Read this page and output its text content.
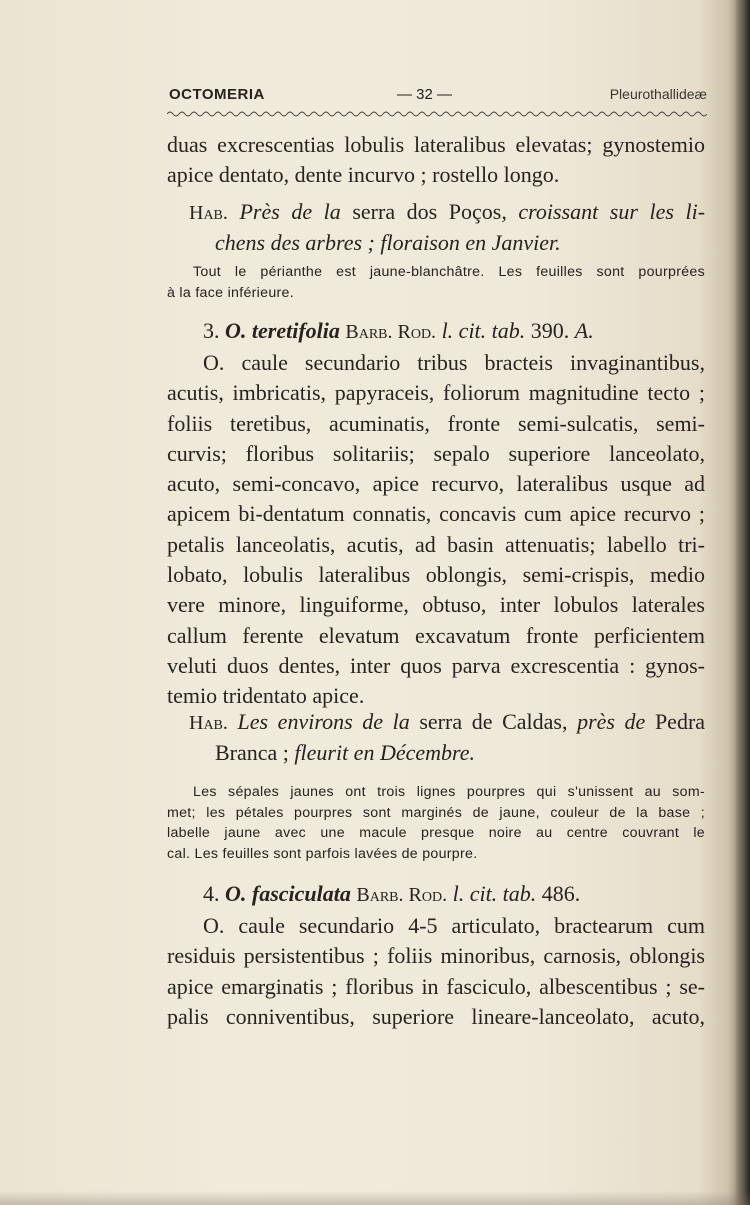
OCTOMERIA	— 32 —	Pleurothallideæ
duas excrescentias lobulis lateralibus elevatas; gynostemio
apice dentato, dente incurvo ; rostello longo.
Hab. Près de la serra dos Poços, croissant sur les li-
chens des arbres ; floraison en Janvier.
Tout le périanthe est jaune-blanchâtre. Les feuilles sont pourprées
à la face inférieure.
3. O. teretifolia Barb. Rod. l. cit. tab. 390. A.
O. caule secundario tribus bracteis invaginantibus,
acutis, imbricatis, papyraceis, foliorum magnitudine tecto ;
foliis teretibus, acuminatis, fronte semi-sulcatis, semi-
curvis; floribus solitariis; sepalo superiore lanceolato,
acuto, semi-concavo, apice recurvo, lateralibus usque ad
apicem bi-dentatum connatis, concavis cum apice recurvo ;
petalis lanceolatis, acutis, ad basin attenuatis; labello tri-
lobato, lobulis lateralibus oblongis, semi-crispis, medio
vere minore, linguiforme, obtuso, inter lobulos laterales
callum ferente elevatum excavatum fronte perficientem
veluti duos dentes, inter quos parva excrescentia : gynos-
temio tridentato apice.
Hab. Les environs de la serra de Caldas, près de Pedra
Branca ; fleurit en Décembre.
Les sépales jaunes ont trois lignes pourpres qui s'unissent au som-
met; les pétales pourpres sont marginés de jaune, couleur de la base ;
labelle jaune avec une macule presque noire au centre couvrant le
cal. Les feuilles sont parfois lavées de pourpre.
4. O. fasciculata Barb. Rod. l. cit. tab. 486.
O. caule secundario 4-5 articulato, bractearum cum
residuis persistentibus ; foliis minoribus, carnosis, oblongis
apice emarginatis ; floribus in fasciculo, albescentibus ; se-
palis conniventibus, superiore lineare-lanceolato, acuto,
